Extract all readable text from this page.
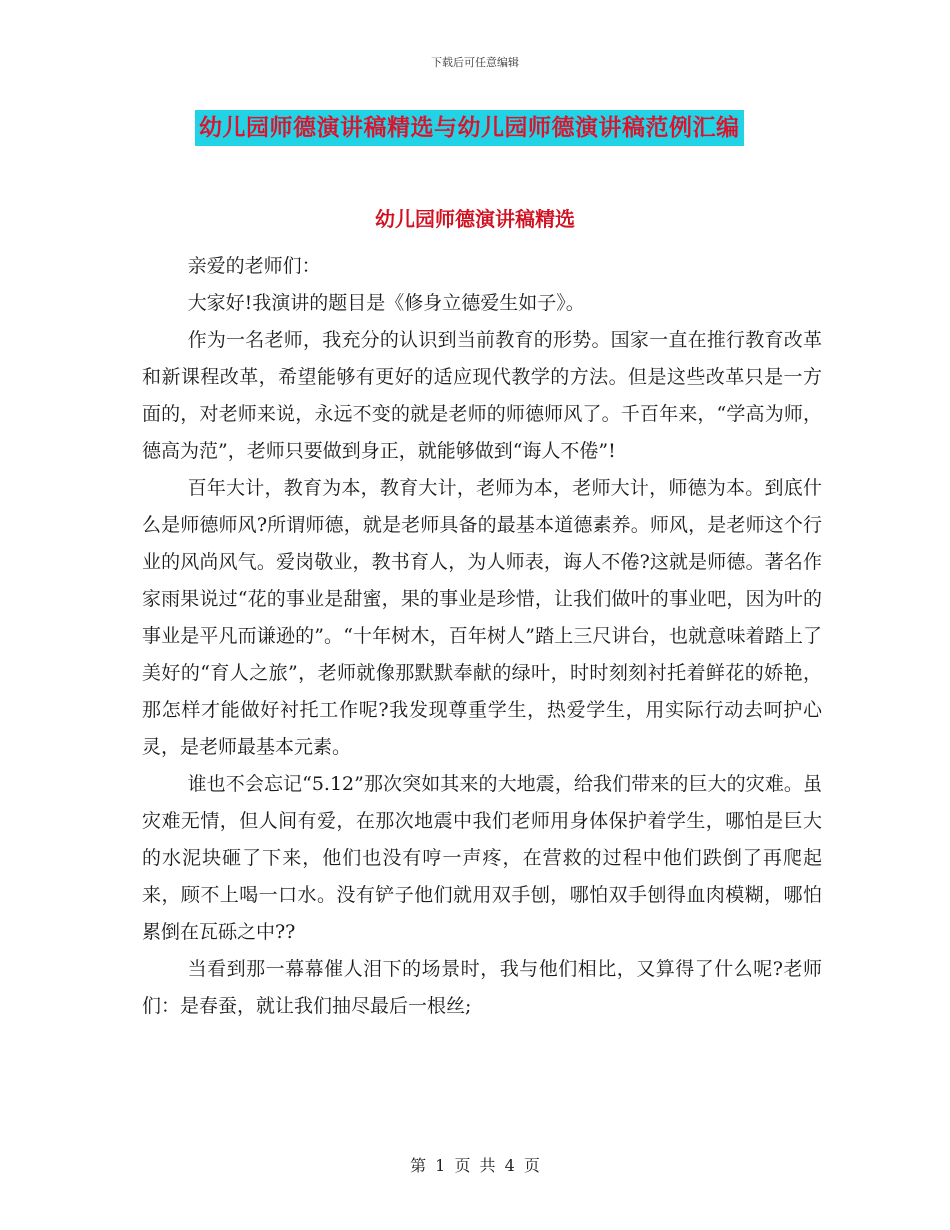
下载后可任意编辑
幼儿园师德演讲稿精选与幼儿园师德演讲稿范例汇编
幼儿园师德演讲稿精选

亲爱的老师们：

大家好!我演讲的题目是《修身立德爱生如子》。

作为一名老师，我充分的认识到当前教育的形势。国家一直在推行教育改革和新课程改革，希望能够有更好的适应现代教学的方法。但是这些改革只是一方面的，对老师来说，永远不变的就是老师的师德师风了。千百年来，“学高为师，德高为范”，老师只要做到身正，就能够做到“诲人不倦”!

百年大计，教育为本，教育大计，老师为本，老师大计，师德为本。到底什么是师德师风?所谓师德，就是老师具备的最基本道德素养。师风，是老师这个行业的风尚风气。爱岗敬业，教书育人，为人师表，诲人不倦?这就是师德。著名作家雨果说过“花的事业是甜蜜，果的事业是珍惜，让我们做叶的事业吧，因为叶的事业是平凡而谦逊的”。“十年树木，百年树人”踏上三尺讲台，也就意味着踏上了美好的“育人之旅”，老师就像那默默奉献的绿叶，时时刻刻衬托着鲜花的娇艳，那怎样才能做好衬托工作呢?我发现尊重学生，热爱学生，用实际行动去呵护心灵，是老师最基本元素。

谁也不会忘记“5.12”那次突如其来的大地震，给我们带来的巨大的灾难。虽灾难无情，但人间有爱，在那次地震中我们老师用身体保护着学生，哪怕是巨大的水泥块砸了下来，他们也没有哼一声疼，在营救的过程中他们跌倒了再爬起来，顾不上喝一口水。没有铲子他们就用双手刨，哪怕双手刨得血肉模糊，哪怕累倒在瓦砾之中??

当看到那一幕幕催人泪下的场景时，我与他们相比，又算得了什么呢?老师们：是春蚕，就让我们抽尽最后一根丝;

第 1 页 共 4 页
